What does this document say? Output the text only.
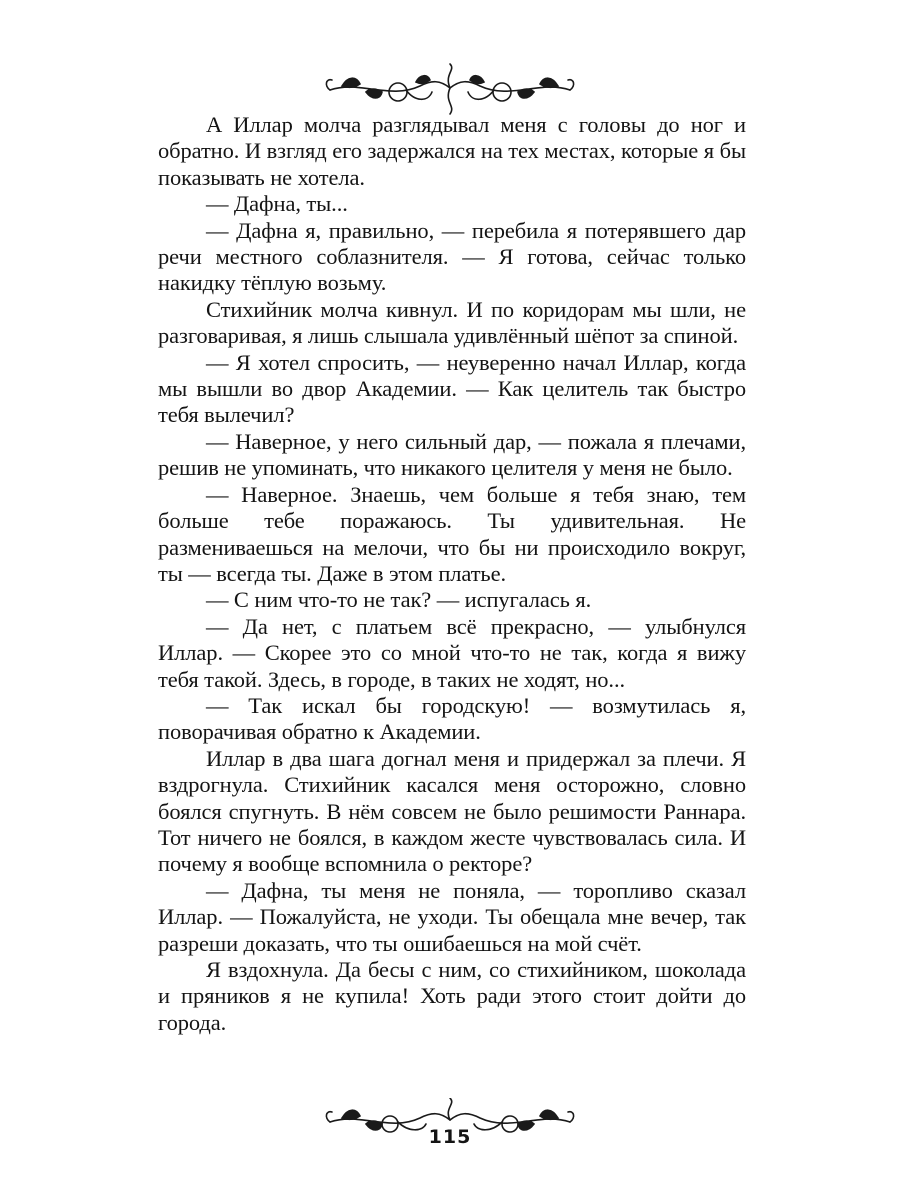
А Иллар молча разглядывал меня с головы до ног и обратно. И взгляд его задержался на тех местах, которые я бы показывать не хотела.

— Дафна, ты...

— Дафна я, правильно, — перебила я потерявшего дар речи местного соблазнителя. — Я готова, сейчас только накидку тёплую возьму.

Стихийник молча кивнул. И по коридорам мы шли, не разговаривая, я лишь слышала удивлённый шёпот за спиной.

— Я хотел спросить, — неуверенно начал Иллар, когда мы вышли во двор Академии. — Как целитель так быстро тебя вылечил?

— Наверное, у него сильный дар, — пожала я плечами, решив не упоминать, что никакого целителя у меня не было.

— Наверное. Знаешь, чем больше я тебя знаю, тем больше тебе поражаюсь. Ты удивительная. Не размениваешься на мелочи, что бы ни происходило вокруг, ты — всегда ты. Даже в этом платье.

— С ним что-то не так? — испугалась я.

— Да нет, с платьем всё прекрасно, — улыбнулся Иллар. — Скорее это со мной что-то не так, когда я вижу тебя такой. Здесь, в городе, в таких не ходят, но...

— Так искал бы городскую! — возмутилась я, поворачивая обратно к Академии.

Иллар в два шага догнал меня и придержал за плечи. Я вздрогнула. Стихийник касался меня осторожно, словно боялся спугнуть. В нём совсем не было решимости Раннара. Тот ничего не боялся, в каждом жесте чувствовалась сила. И почему я вообще вспомнила о ректоре?

— Дафна, ты меня не поняла, — торопливо сказал Иллар. — Пожалуйста, не уходи. Ты обещала мне вечер, так разреши доказать, что ты ошибаешься на мой счёт.

Я вздохнула. Да бесы с ним, со стихийником, шоколада и пряников я не купила! Хоть ради этого стоит дойти до города.

115
